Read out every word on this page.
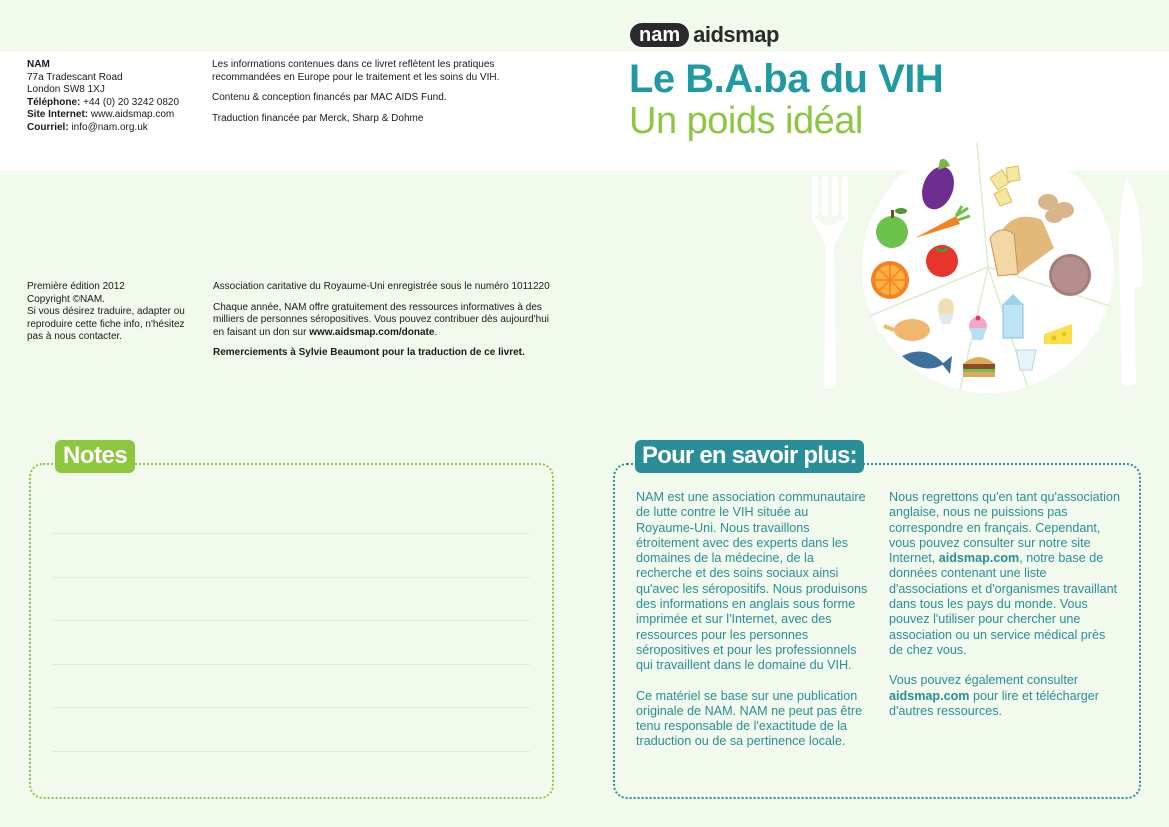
NAM
77a Tradescant Road
London SW8 1XJ
Téléphone: +44 (0) 20 3242 0820
Site Internet: www.aidsmap.com
Courriel: info@nam.org.uk

Les informations contenues dans ce livret reflètent les pratiques recommandées en Europe pour le traitement et les soins du VIH.

Contenu & conception financés par MAC AIDS Fund.

Traduction financée par Merck, Sharp & Dohme

Première édition 2012
Copyright ©NAM.
Si vous désirez traduire, adapter ou reproduire cette fiche info, n'hésitez pas à nous contacter.

Association caritative du Royaume-Uni enregistrée sous le numéro 1011220

Chaque année, NAM offre gratuitement des ressources informatives à des milliers de personnes séropositives. Vous pouvez contribuer dès aujourd'hui en faisant un don sur www.aidsmap.com/donate.

Remerciements à Sylvie Beaumont pour la traduction de ce livret.

nam aidsmap
Le B.A.ba du VIH
Un poids idéal
Notes	Pour en savoir plus:

NAM est une association communautaire de lutte contre le VIH située au Royaume-Uni. Nous travaillons étroitement avec des experts dans les domaines de la médecine, de la recherche et des soins sociaux ainsi qu'avec les séropositifs. Nous produisons des informations en anglais sous forme imprimée et sur l'Internet, avec des ressources pour les personnes séropositives et pour les professionnels qui travaillent dans le domaine du VIH.

Ce matériel se base sur une publication originale de NAM. NAM ne peut pas être tenu responsable de l'exactitude de la traduction ou de sa pertinence locale.

Nous regrettons qu'en tant qu'association anglaise, nous ne puissions pas correspondre en français. Cependant, vous pouvez consulter sur notre site Internet, aidsmap.com, notre base de données contenant une liste d'associations et d'organismes travaillant dans tous les pays du monde. Vous pouvez l'utiliser pour chercher une association ou un service médical près de chez vous.

Vous pouvez également consulter aidsmap.com pour lire et télécharger d'autres ressources.
